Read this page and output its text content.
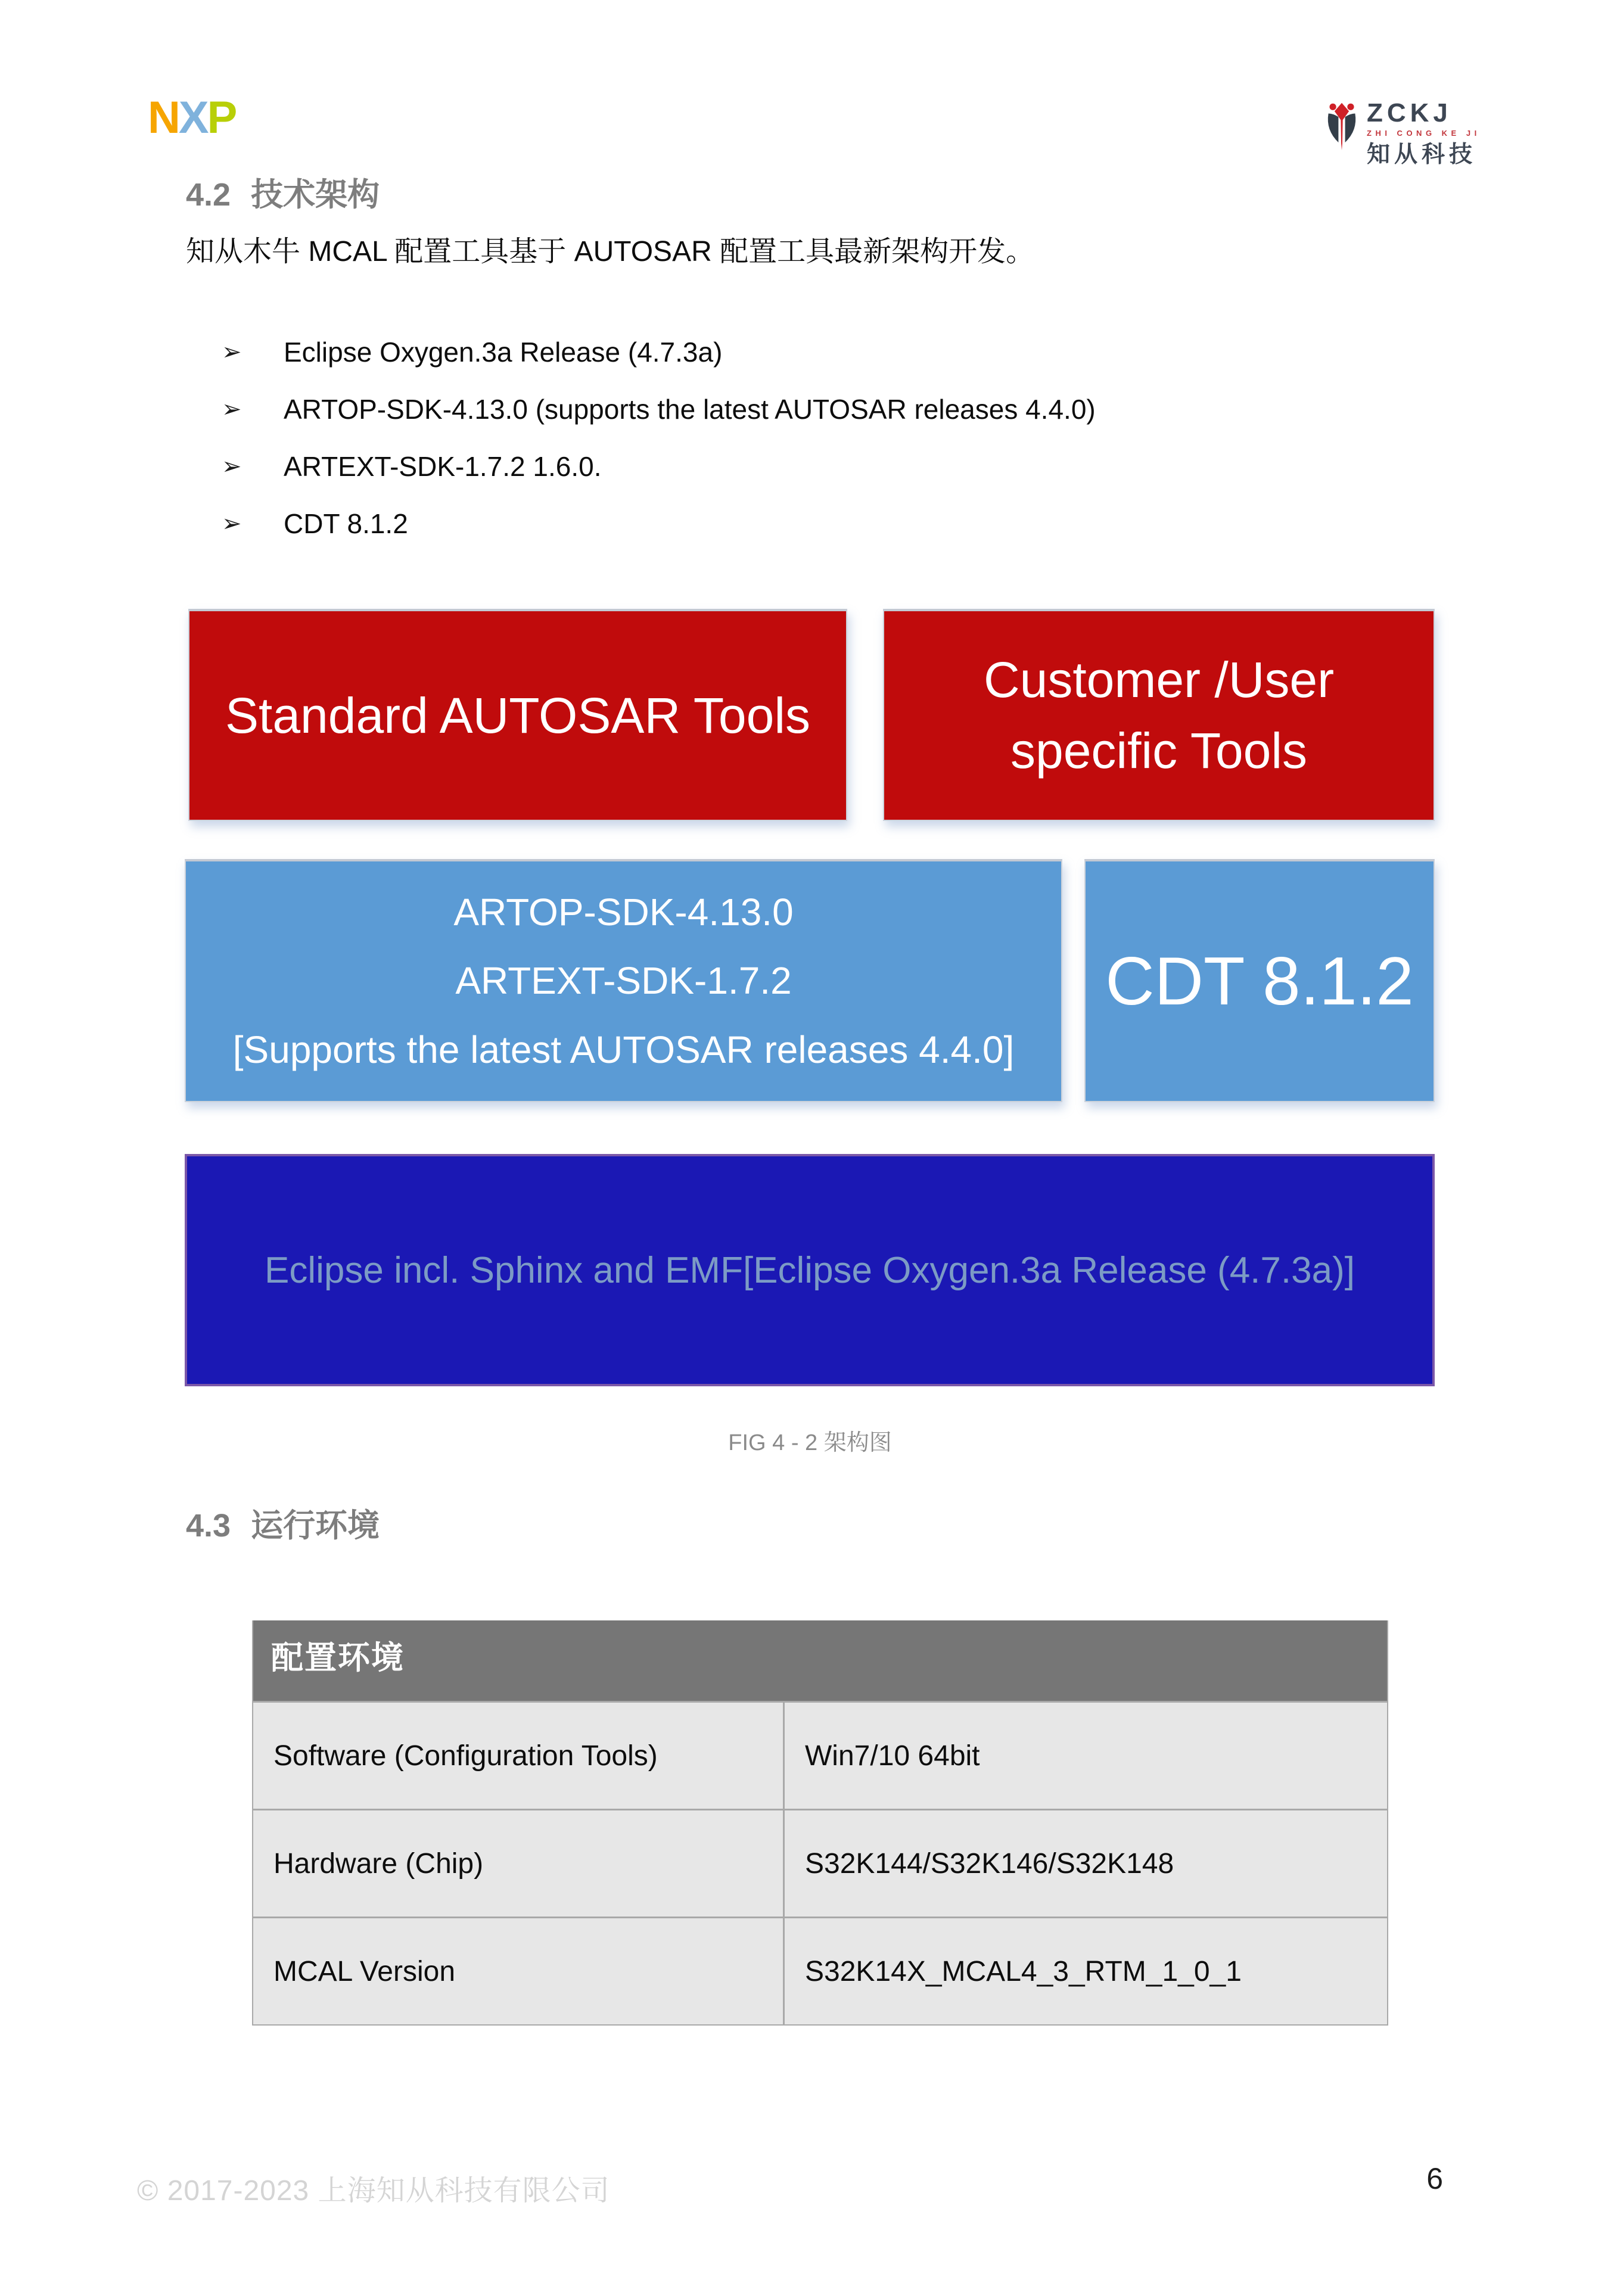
NXP	ZCKJ
ZHI CONG KE JI
知从科技
4.2 技术架构
知从木牛 MCAL 配置工具基于 AUTOSAR 配置工具最新架构开发。
➢	Eclipse Oxygen.3a Release (4.7.3a)
➢	ARTOP-SDK-4.13.0 (supports the latest AUTOSAR releases 4.4.0)
➢	ARTEXT-SDK-1.7.2 1.6.0.
➢	CDT 8.1.2
Standard AUTOSAR Tools
Customer /User
specific Tools
ARTOP-SDK-4.13.0
ARTEXT-SDK-1.7.2
[Supports the latest AUTOSAR releases 4.4.0]
CDT 8.1.2
Eclipse incl. Sphinx and EMF[Eclipse Oxygen.3a Release (4.7.3a)]
FIG 4 - 2 架构图
4.3 运行环境
配置环境
Software (Configuration Tools)	Win7/10 64bit
Hardware (Chip)	S32K144/S32K146/S32K148
MCAL Version	S32K14X_MCAL4_3_RTM_1_0_1
© 2017-2023 上海知从科技有限公司	6
